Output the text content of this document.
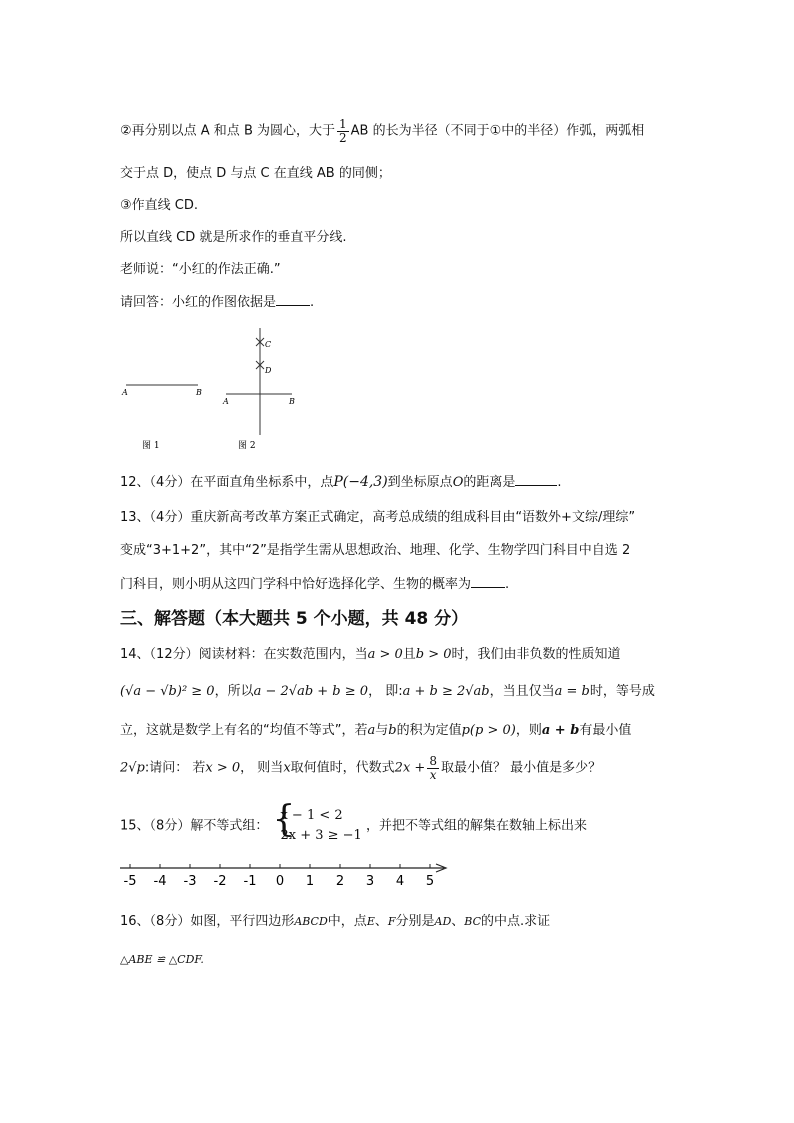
②再分别以点 A 和点 B 为圆心，大于 $\frac{1}{2}$ AB 的长为半径（不同于①中的半径）作弧，两弧相
交于点 D，使点 D 与点 C 在直线 AB 的同侧；
③作直线 CD.
所以直线 CD 就是所求作的垂直平分线.
老师说：“小红的作法正确.”
请回答：小红的作图依据是	.
A	B
图 1
C
D
A	B
图 2
12、（4分）在平面直角坐标系中，点P(−4,3)到坐标原点O的距离是	.
13、（4分）重庆新高考改革方案正式确定，高考总成绩的组成科目由“语数外+文综/理综”
变成“3+1+2”，其中“2”是指学生需从思想政治、地理、化学、生物学四门科目中自选 2
门科目，则小明从这四门学科中恰好选择化学、生物的概率为	.
三、解答题（本大题共 5 个小题，共 48 分）
14、（12分）阅读材料：在实数范围内，当a > 0且b > 0时，我们由非负数的性质知道
(√a − √b)² ≥ 0，所以a − 2√ab + b ≥ 0， 即:a + b ≥ 2√ab，当且仅当a = b时，等号成
立，这就是数学上有名的“均值不等式”，若a与b的积为定值p(p > 0)，则a + b有最小值
2√p:请问： 若x > 0， 则当x取何值时，代数式$2x + \frac{8}{x}$ 取最小值？ 最小值是多少？
15、（8分）解不等式组： {
x − 1 < 2
2x + 3 ≥ −1
，并把不等式组的解集在数轴上标出来
-5 -4 -3 -2 -1 0 1 2 3 4 5
16、（8分）如图，平行四边形ABCD中，点E、F分别是AD、BC的中点.求证
△ABE ≌ △CDF.
